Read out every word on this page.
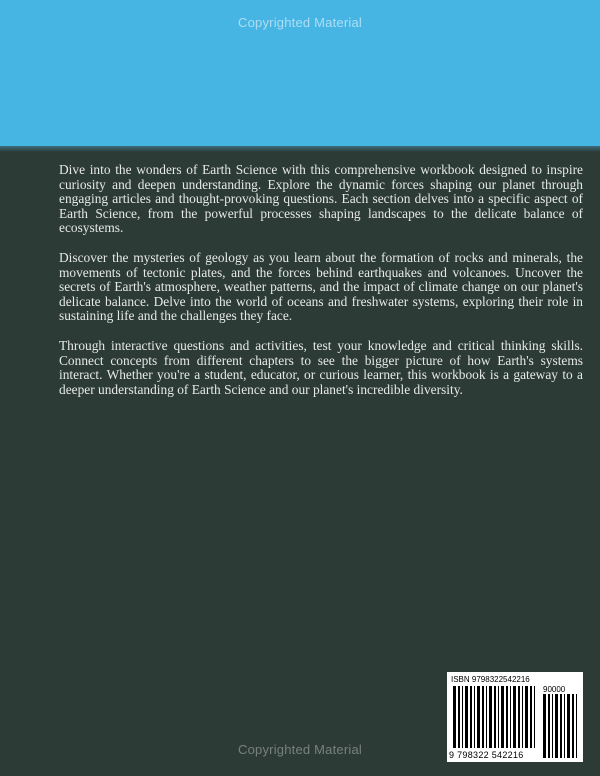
Copyrighted Material

Dive into the wonders of Earth Science with this comprehensive workbook designed to inspire curiosity and deepen understanding. Explore the dynamic forces shaping our planet through engaging articles and thought-provoking questions. Each section delves into a specific aspect of Earth Science, from the powerful processes shaping landscapes to the delicate balance of ecosystems.

Discover the mysteries of geology as you learn about the formation of rocks and minerals, the movements of tectonic plates, and the forces behind earthquakes and volcanoes. Uncover the secrets of Earth's atmosphere, weather patterns, and the impact of climate change on our planet's delicate balance. Delve into the world of oceans and freshwater systems, exploring their role in sustaining life and the challenges they face.

Through interactive questions and activities, test your knowledge and critical thinking skills. Connect concepts from different chapters to see the bigger picture of how Earth's systems interact. Whether you're a student, educator, or curious learner, this workbook is a gateway to a deeper understanding of Earth Science and our planet's incredible diversity.

ISBN 9798322542216
90000
9 798322 542216
Copyrighted Material
